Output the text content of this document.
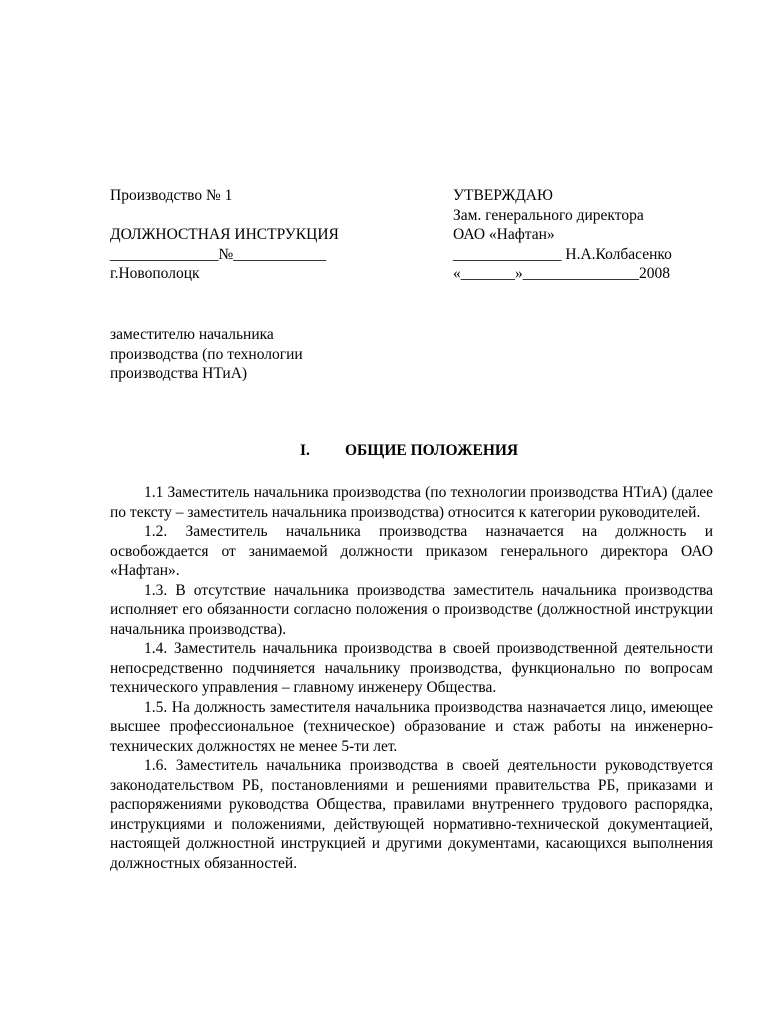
Производство № 1
ДОЛЖНОСТНАЯ ИНСТРУКЦИЯ
______________№____________
г.Новополоцк
УТВЕРЖДАЮ
Зам. генерального директора
ОАО «Нафтан»
______________ Н.А.Колбасенко
«_______»_______________2008
заместителю начальника
производства (по технологии
производства НТиА)
I. ОБЩИЕ ПОЛОЖЕНИЯ

1.1 Заместитель начальника производства (по технологии производства НТиА) (далее по тексту – заместитель начальника производства) относится к категории руководителей.

1.2. Заместитель начальника производства назначается на должность и освобождается от занимаемой должности приказом генерального директора ОАО «Нафтан».

1.3. В отсутствие начальника производства заместитель начальника производства исполняет его обязанности согласно положения о производстве (должностной инструкции начальника производства).

1.4. Заместитель начальника производства в своей производственной деятельности непосредственно подчиняется начальнику производства, функционально по вопросам технического управления – главному инженеру Общества.

1.5. На должность заместителя начальника производства назначается лицо, имеющее высшее профессиональное (техническое) образование и стаж работы на инженерно-технических должностях не менее 5-ти лет.

1.6. Заместитель начальника производства в своей деятельности руководствуется законодательством РБ, постановлениями и решениями правительства РБ, приказами и распоряжениями руководства Общества, правилами внутреннего трудового распорядка, инструкциями и положениями, действующей нормативно-технической документацией, настоящей должностной инструкцией и другими документами, касающихся выполнения должностных обязанностей.
